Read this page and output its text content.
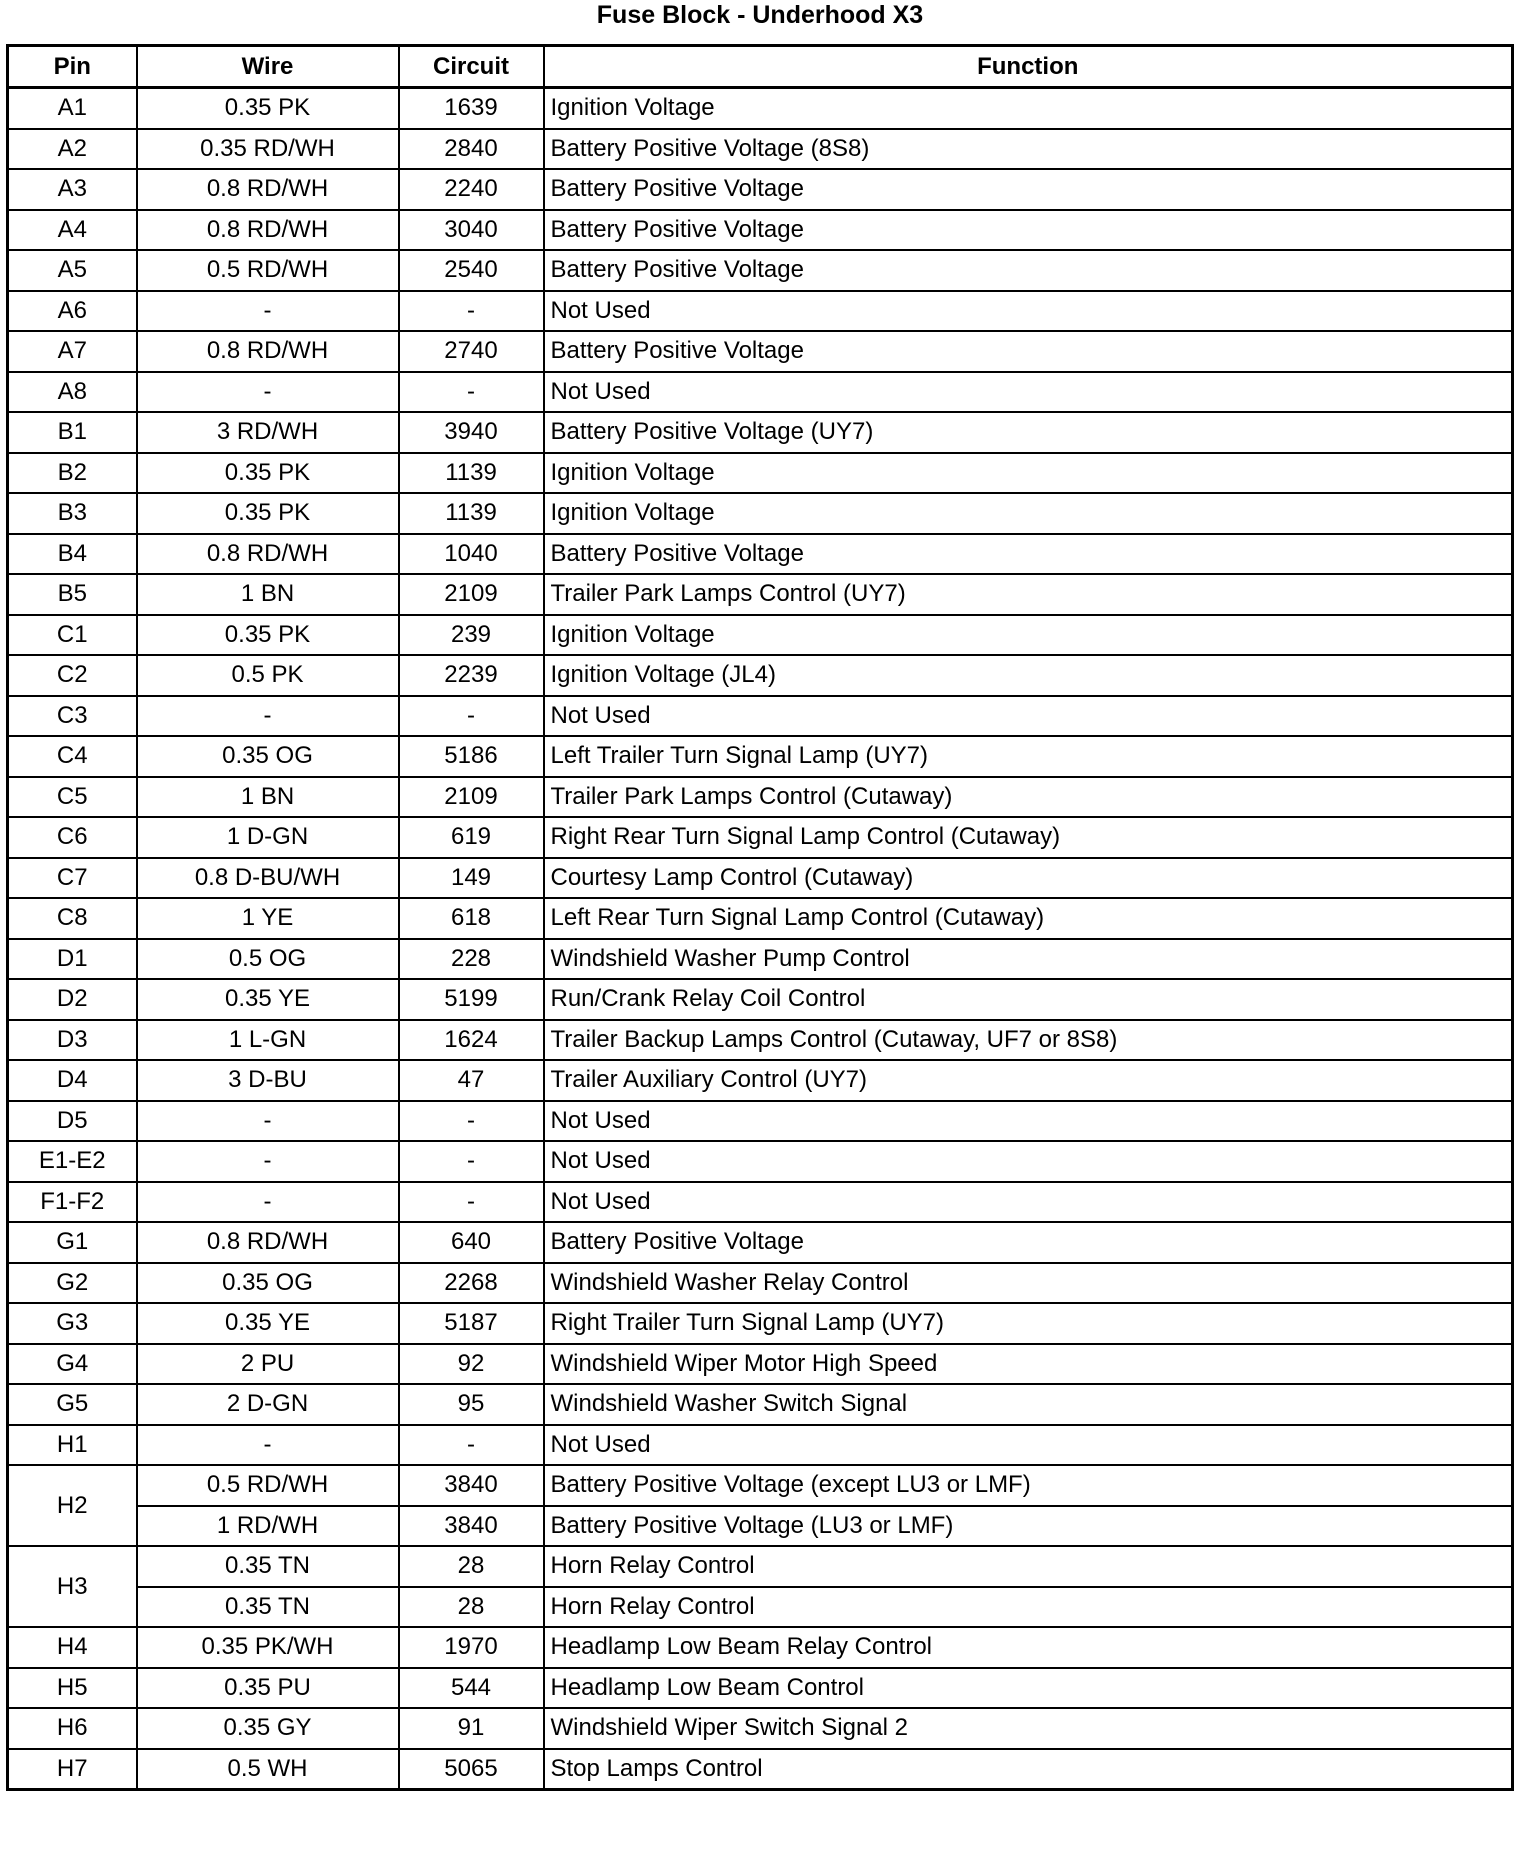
Fuse Block - Underhood X3
Pin	Wire	Circuit	Function
A1	0.35 PK	1639	Ignition Voltage
A2	0.35 RD/WH	2840	Battery Positive Voltage (8S8)
A3	0.8 RD/WH	2240	Battery Positive Voltage
A4	0.8 RD/WH	3040	Battery Positive Voltage
A5	0.5 RD/WH	2540	Battery Positive Voltage
A6	-	-	Not Used
A7	0.8 RD/WH	2740	Battery Positive Voltage
A8	-	-	Not Used
B1	3 RD/WH	3940	Battery Positive Voltage (UY7)
B2	0.35 PK	1139	Ignition Voltage
B3	0.35 PK	1139	Ignition Voltage
B4	0.8 RD/WH	1040	Battery Positive Voltage
B5	1 BN	2109	Trailer Park Lamps Control (UY7)
C1	0.35 PK	239	Ignition Voltage
C2	0.5 PK	2239	Ignition Voltage (JL4)
C3	-	-	Not Used
C4	0.35 OG	5186	Left Trailer Turn Signal Lamp (UY7)
C5	1 BN	2109	Trailer Park Lamps Control (Cutaway)
C6	1 D-GN	619	Right Rear Turn Signal Lamp Control (Cutaway)
C7	0.8 D-BU/WH	149	Courtesy Lamp Control (Cutaway)
C8	1 YE	618	Left Rear Turn Signal Lamp Control (Cutaway)
D1	0.5 OG	228	Windshield Washer Pump Control
D2	0.35 YE	5199	Run/Crank Relay Coil Control
D3	1 L-GN	1624	Trailer Backup Lamps Control (Cutaway, UF7 or 8S8)
D4	3 D-BU	47	Trailer Auxiliary Control (UY7)
D5	-	-	Not Used
E1-E2	-	-	Not Used
F1-F2	-	-	Not Used
G1	0.8 RD/WH	640	Battery Positive Voltage
G2	0.35 OG	2268	Windshield Washer Relay Control
G3	0.35 YE	5187	Right Trailer Turn Signal Lamp (UY7)
G4	2 PU	92	Windshield Wiper Motor High Speed
G5	2 D-GN	95	Windshield Washer Switch Signal
H1	-	-	Not Used
H2	0.5 RD/WH	3840	Battery Positive Voltage (except LU3 or LMF)
	1 RD/WH	3840	Battery Positive Voltage (LU3 or LMF)
H3	0.35 TN	28	Horn Relay Control
	0.35 TN	28	Horn Relay Control
H4	0.35 PK/WH	1970	Headlamp Low Beam Relay Control
H5	0.35 PU	544	Headlamp Low Beam Control
H6	0.35 GY	91	Windshield Wiper Switch Signal 2
H7	0.5 WH	5065	Stop Lamps Control
